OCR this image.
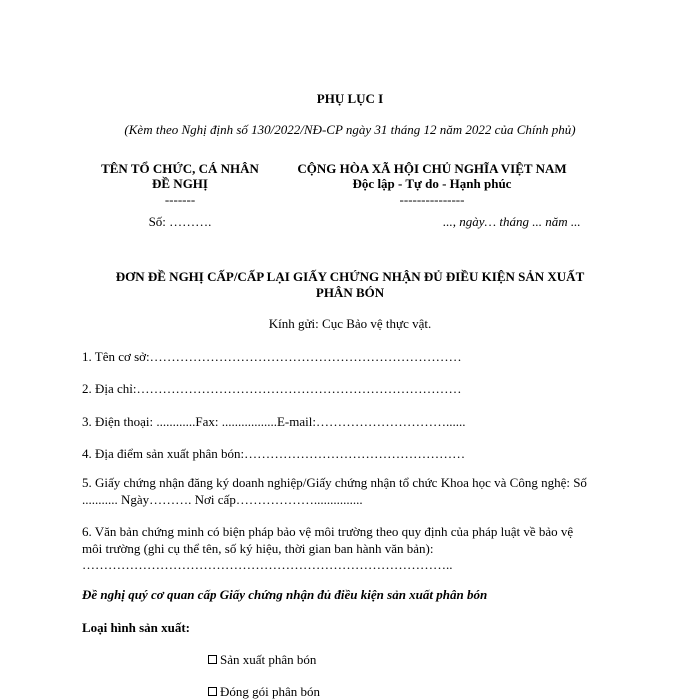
PHỤ LỤC I
(Kèm theo Nghị định số 130/2022/NĐ-CP ngày 31 tháng 12 năm 2022 của Chính phủ)
TÊN TỔ CHỨC, CÁ NHÂN
ĐỀ NGHỊ
-------
Số: ……….
CỘNG HÒA XÃ HỘI CHỦ NGHĨA VIỆT NAM
Độc lập - Tự do - Hạnh phúc
---------------
..., ngày… tháng ... năm ...
ĐƠN ĐỀ NGHỊ CẤP/CẤP LẠI GIẤY CHỨNG NHẬN ĐỦ ĐIỀU KIỆN SẢN XUẤT
PHÂN BÓN
Kính gửi: Cục Bảo vệ thực vật.
1. Tên cơ sở:………………………………………………………………
2. Địa chỉ:…………………………………………………………………
3. Điện thoại: ............Fax: .................E-mail:…………………………......
4. Địa điểm sản xuất phân bón:……………………………………………
5. Giấy chứng nhận đăng ký doanh nghiệp/Giấy chứng nhận tổ chức Khoa học và Công nghệ: Số
........... Ngày………. Nơi cấp………………...............
6. Văn bản chứng minh có biện pháp bảo vệ môi trường theo quy định của pháp luật về bảo vệ
môi trường (ghi cụ thể tên, số ký hiệu, thời gian ban hành văn bản):
…………………………………………………………………………..
Đề nghị quý cơ quan cấp Giấy chứng nhận đủ điều kiện sản xuất phân bón
Loại hình sản xuất:
Sản xuất phân bón
Đóng gói phân bón
